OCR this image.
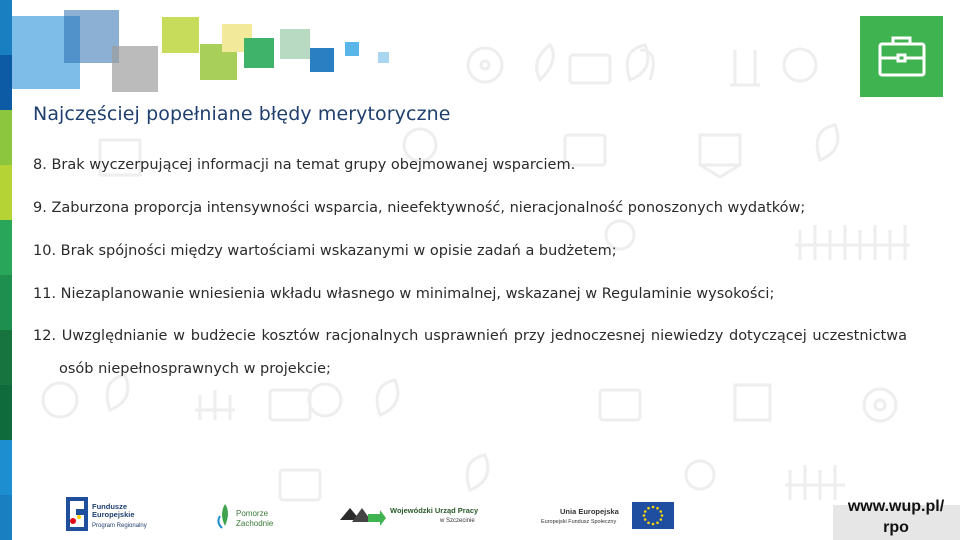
Najczęściej popełniane błędy merytoryczne
8. Brak wyczerpującej informacji na temat grupy obejmowanej wsparciem.
9. Zaburzona proporcja intensywności wsparcia, nieefektywność, nieracjonalność ponoszonych wydatków;
10. Brak spójności między wartościami wskazanymi w opisie zadań a budżetem;
11. Niezaplanowanie wniesienia wkładu własnego w minimalnej, wskazanej w Regulaminie wysokości;
12. Uwzględnianie w budżecie kosztów racjonalnych usprawnień przy jednoczesnej niewiedzy dotyczącej uczestnictwa
osób niepełnosprawnych w projekcie;
Fundusze
Europejskie
Program Regionalny
Pomorze
Zachodnie
Wojewódzki Urząd Pracy
w Szczecinie
Unia Europejska
Europejski Fundusz Społeczny
www.wup.pl/
rpo
